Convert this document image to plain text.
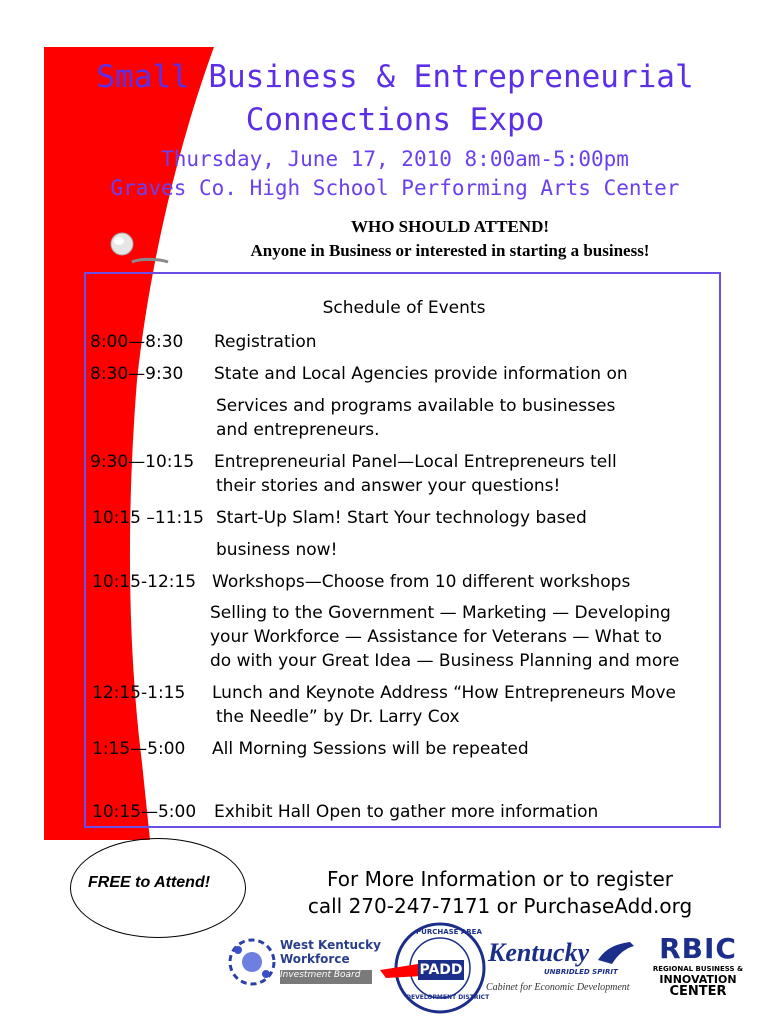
Small Business & Entrepreneurial
Connections Expo
Thursday, June 17, 2010 8:00am-5:00pm
Graves Co. High School Performing Arts Center
WHO SHOULD ATTEND!
Anyone in Business or interested in starting a business!
Schedule of Events
8:00—8:30 Registration
8:30—9:30 State and Local Agencies provide information on
Services and programs available to businesses
and entrepreneurs.
9:30—10:15 Entrepreneurial Panel—Local Entrepreneurs tell
their stories and answer your questions!
10:15 –11:15 Start-Up Slam! Start Your technology based
business now!
10:15-12:15 Workshops—Choose from 10 different workshops
Selling to the Government — Marketing — Developing
your Workforce — Assistance for Veterans — What to
do with your Great Idea — Business Planning and more
12:15-1:15 Lunch and Keynote Address “How Entrepreneurs Move
the Needle” by Dr. Larry Cox
1:15—5:00 All Morning Sessions will be repeated
10:15—5:00 Exhibit Hall Open to gather more information
FREE to Attend!	For More Information or to register
call 270-247-7171 or PurchaseAdd.org
West Kentucky
Workforce
Investment Board
PURCHASE AREA
PADD
DEVELOPMENT DISTRICT
Kentucky
UNBRIDLED SPIRIT
Cabinet for Economic Development
RBIC
REGIONAL BUSINESS &
INNOVATION
CENTER
